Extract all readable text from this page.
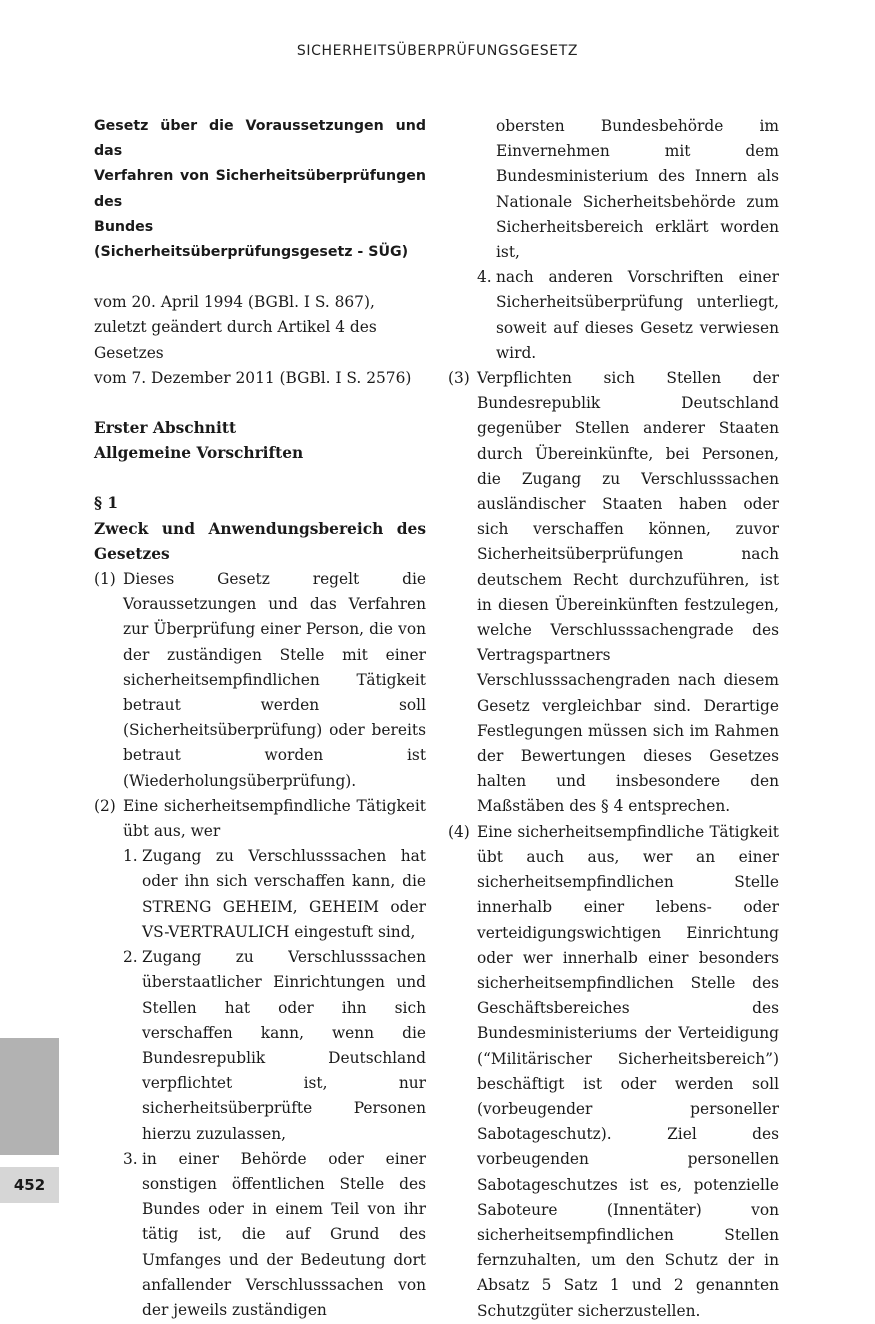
SICHERHEITSÜBERPRÜFUNGSGESETZ
Gesetz über die Voraussetzungen und das
Verfahren von Sicherheitsüberprüfungen des
Bundes
(Sicherheitsüberprüfungsgesetz - SÜG)
vom 20. April 1994 (BGBl. I S. 867),
zuletzt geändert durch Artikel 4 des Gesetzes
vom 7. Dezember 2011 (BGBl. I S. 2576)
Erster Abschnitt
Allgemeine Vorschriften
§ 1
Zweck und Anwendungsbereich des Gesetzes
(1) Dieses Gesetz regelt die Voraussetzungen und das Verfahren zur Überprüfung einer Person, die von der zuständigen Stelle mit einer sicherheitsempfindlichen Tätigkeit betraut werden soll (Sicherheitsüberprüfung) oder bereits betraut worden ist (Wiederholungsüberprüfung).
(2) Eine sicherheitsempfindliche Tätigkeit übt aus, wer
1. Zugang zu Verschlusssachen hat oder ihn sich verschaffen kann, die STRENG GEHEIM, GEHEIM oder VS-VERTRAULICH eingestuft sind,
2. Zugang zu Verschlusssachen überstaatlicher Einrichtungen und Stellen hat oder ihn sich verschaffen kann, wenn die Bundesrepublik Deutschland verpflichtet ist, nur sicherheitsüberprüfte Personen hierzu zuzulassen,
3. in einer Behörde oder einer sonstigen öffentlichen Stelle des Bundes oder in einem Teil von ihr tätig ist, die auf Grund des Umfanges und der Bedeutung dort anfallender Verschlusssachen von der jeweils zuständigen
obersten Bundesbehörde im Einvernehmen mit dem Bundesministerium des Innern als Nationale Sicherheitsbehörde zum Sicherheitsbereich erklärt worden ist,
4. nach anderen Vorschriften einer Sicherheitsüberprüfung unterliegt, soweit auf dieses Gesetz verwiesen wird.
(3) Verpflichten sich Stellen der Bundesrepublik Deutschland gegenüber Stellen anderer Staaten durch Übereinkünfte, bei Personen, die Zugang zu Verschlusssachen ausländischer Staaten haben oder sich verschaffen können, zuvor Sicherheitsüberprüfungen nach deutschem Recht durchzuführen, ist in diesen Übereinkünften festzulegen, welche Verschlusssachengrade des Vertragspartners Verschlusssachengraden nach diesem Gesetz vergleichbar sind. Derartige Festlegungen müssen sich im Rahmen der Bewertungen dieses Gesetzes halten und insbesondere den Maßstäben des § 4 entsprechen.
(4) Eine sicherheitsempfindliche Tätigkeit übt auch aus, wer an einer sicherheitsempfindlichen Stelle innerhalb einer lebens- oder verteidigungswichtigen Einrichtung oder wer innerhalb einer besonders sicherheitsempfindlichen Stelle des Geschäftsbereiches des Bundesministeriums der Verteidigung (“Militärischer Sicherheitsbereich”) beschäftigt ist oder werden soll (vorbeugender personeller Sabotageschutz). Ziel des vorbeugenden personellen Sabotageschutzes ist es, potenzielle Saboteure (Innentäter) von sicherheitsempfindlichen Stellen fernzuhalten, um den Schutz der in Absatz 5 Satz 1 und 2 genannten Schutzgüter sicherzustellen.
452
